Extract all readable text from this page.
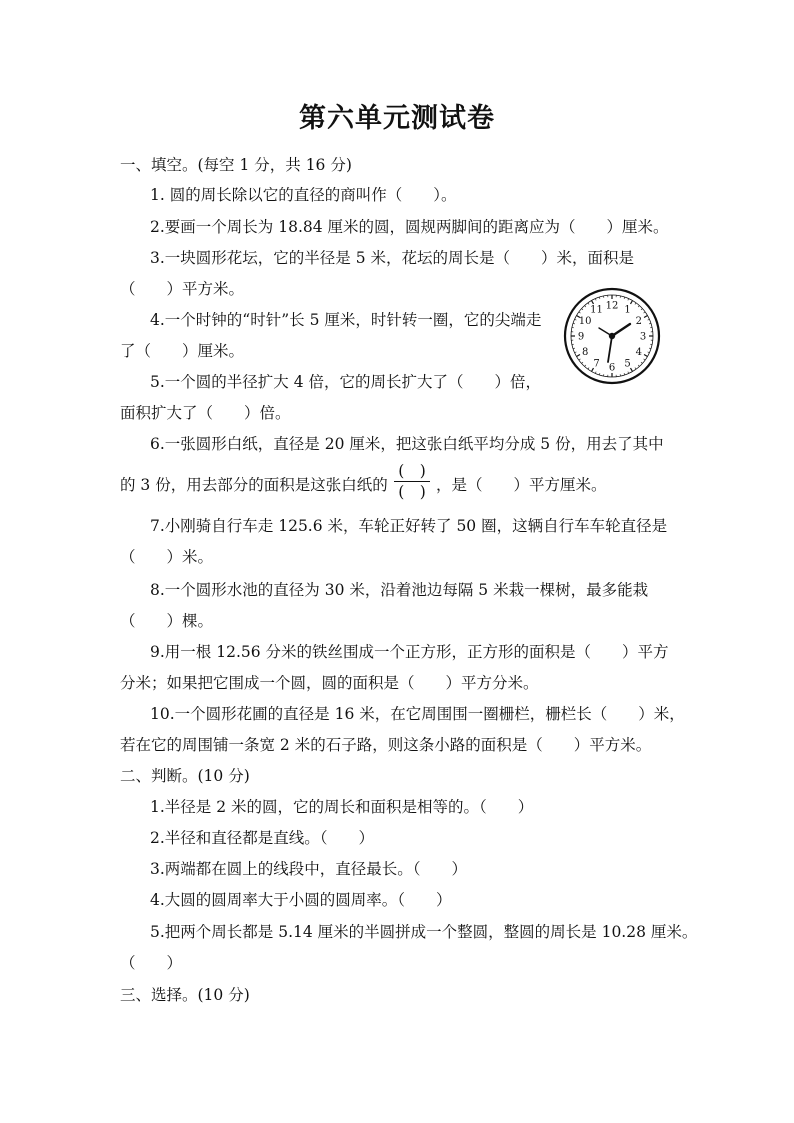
第六单元测试卷
一、填空。(每空 1 分，共 16 分)
1. 圆的周长除以它的直径的商叫作（　　）。
2.要画一个周长为 18.84 厘米的圆，圆规两脚间的距离应为（　　）厘米。
3.一块圆形花坛，它的半径是 5 米，花坛的周长是（　　）米，面积是
（　　）平方米。
4.一个时钟的“时针”长 5 厘米，时针转一圈，它的尖端走
了（　　）厘米。
5.一个圆的半径扩大 4 倍，它的周长扩大了（　　）倍，
面积扩大了（　　）倍。
6.一张圆形白纸，直径是 20 厘米，把这张白纸平均分成 5 份，用去了其中
的 3 份，用去部分的面积是这张白纸的
(　)
(　) ，是（　　）平方厘米。
7.小刚骑自行车走 125.6 米，车轮正好转了 50 圈，这辆自行车车轮直径是
（　　）米。
8.一个圆形水池的直径为 30 米，沿着池边每隔 5 米栽一棵树，最多能栽
（　　）棵。
9.用一根 12.56 分米的铁丝围成一个正方形，正方形的面积是（　　）平方
分米；如果把它围成一个圆，圆的面积是（　　）平方分米。
10.一个圆形花圃的直径是 16 米，在它周围围一圈栅栏，栅栏长（　　）米，
若在它的周围铺一条宽 2 米的石子路，则这条小路的面积是（　　）平方米。
二、判断。(10 分)
1.半径是 2 米的圆，它的周长和面积是相等的。（　　）
2.半径和直径都是直线。（　　）
3.两端都在圆上的线段中，直径最长。（　　）
4.大圆的圆周率大于小圆的圆周率。（　　）
5.把两个周长都是 5.14 厘米的半圆拼成一个整圆，整圆的周长是 10.28 厘米。
（　　）
三、选择。(10 分)
12 1
2
3
4
5
6
7
8
9
10
11
